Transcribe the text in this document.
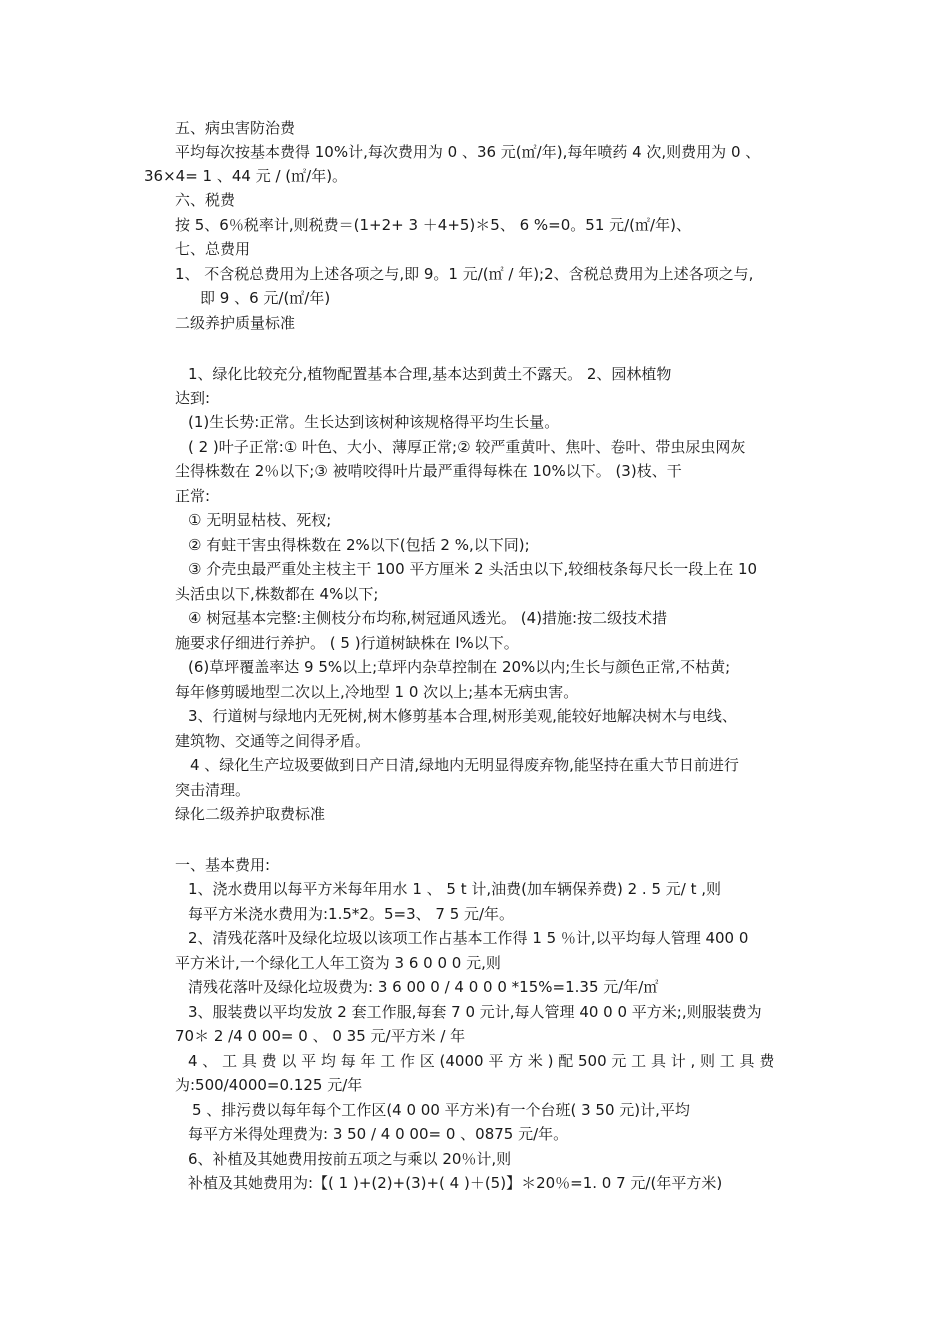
五、病虫害防治费
平均每次按基本费得 10%计,每次费用为 0 、36 元(㎡/年),每年喷药 4 次,则费用为 0 、
36×4= 1 、44 元 / (㎡/年)。
六、税费
按 5、6％税率计,则税费＝(1+2+ 3 ＋4+5)＊5、 6 %=0。51 元/(㎡/年)、
七、总费用
1、 不含税总费用为上述各项之与,即 9。1 元/(㎡ / 年);2、含税总费用为上述各项之与,
即 9 、6 元/(㎡/年)
二级养护质量标准
1、绿化比较充分,植物配置基本合理,基本达到黄土不露天。 2、园林植物
达到:
(1)生长势:正常。生长达到该树种该规格得平均生长量。
( 2 )叶子正常:① 叶色、大小、薄厚正常;② 较严重黄叶、焦叶、卷叶、带虫尿虫网灰
尘得株数在 2％以下;③ 被啃咬得叶片最严重得每株在 10%以下。 (3)枝、干
正常:
① 无明显枯枝、死杈;
② 有蛀干害虫得株数在 2%以下(包括 2 %,以下同);
③ 介壳虫最严重处主枝主干 100 平方厘米 2 头活虫以下,较细枝条每尺长一段上在 10
头活虫以下,株数都在 4%以下;
④ 树冠基本完整:主侧枝分布均称,树冠通风透光。 (4)措施:按二级技术措
施要求仔细进行养护。 ( 5 )行道树缺株在 l%以下。
(6)草坪覆盖率达 9 5%以上;草坪内杂草控制在 20%以内;生长与颜色正常,不枯黄;
每年修剪暖地型二次以上,冷地型 1 0 次以上;基本无病虫害。
3、行道树与绿地内无死树,树木修剪基本合理,树形美观,能较好地解决树木与电线、
建筑物、交通等之间得矛盾。
4 、绿化生产垃圾要做到日产日清,绿地内无明显得废弃物,能坚持在重大节日前进行
突击清理。
绿化二级养护取费标准
一、基本费用:
1、浇水费用以每平方米每年用水 1 、 5 t 计,油费(加车辆保养费) 2 . 5 元/ t ,则
每平方米浇水费用为:1.5*2。5=3、 7 5 元/年。
2、清残花落叶及绿化垃圾以该项工作占基本工作得 1 5 ％计,以平均每人管理 400 0
平方米计,一个绿化工人年工资为 3 6 0 0 0 元,则
清残花落叶及绿化垃圾费为: 3 6 00 0 / 4 0 0 0 *15%=1.35 元/年/㎡
3、服装费以平均发放 2 套工作服,每套 7 0 元计,每人管理 40 0 0 平方米;,则服装费为
70＊ 2 /4 0 00= 0 、 0 35 元/平方米 / 年
4 、 工 具 费 以 平 均 每 年 工 作 区 (4000 平 方 米 ) 配 500 元 工 具 计 , 则 工 具 费
为:500/4000=0.125 元/年
5 、排污费以每年每个工作区(4 0 00 平方米)有一个台班( 3 50 元)计,平均
每平方米得处理费为: 3 50 / 4 0 00= 0 、0875 元/年。
6、补植及其她费用按前五项之与乘以 20％计,则
补植及其她费用为:【( 1 )+(2)+(3)+( 4 )＋(5)】＊20％=1. 0 7 元/(年平方米)
